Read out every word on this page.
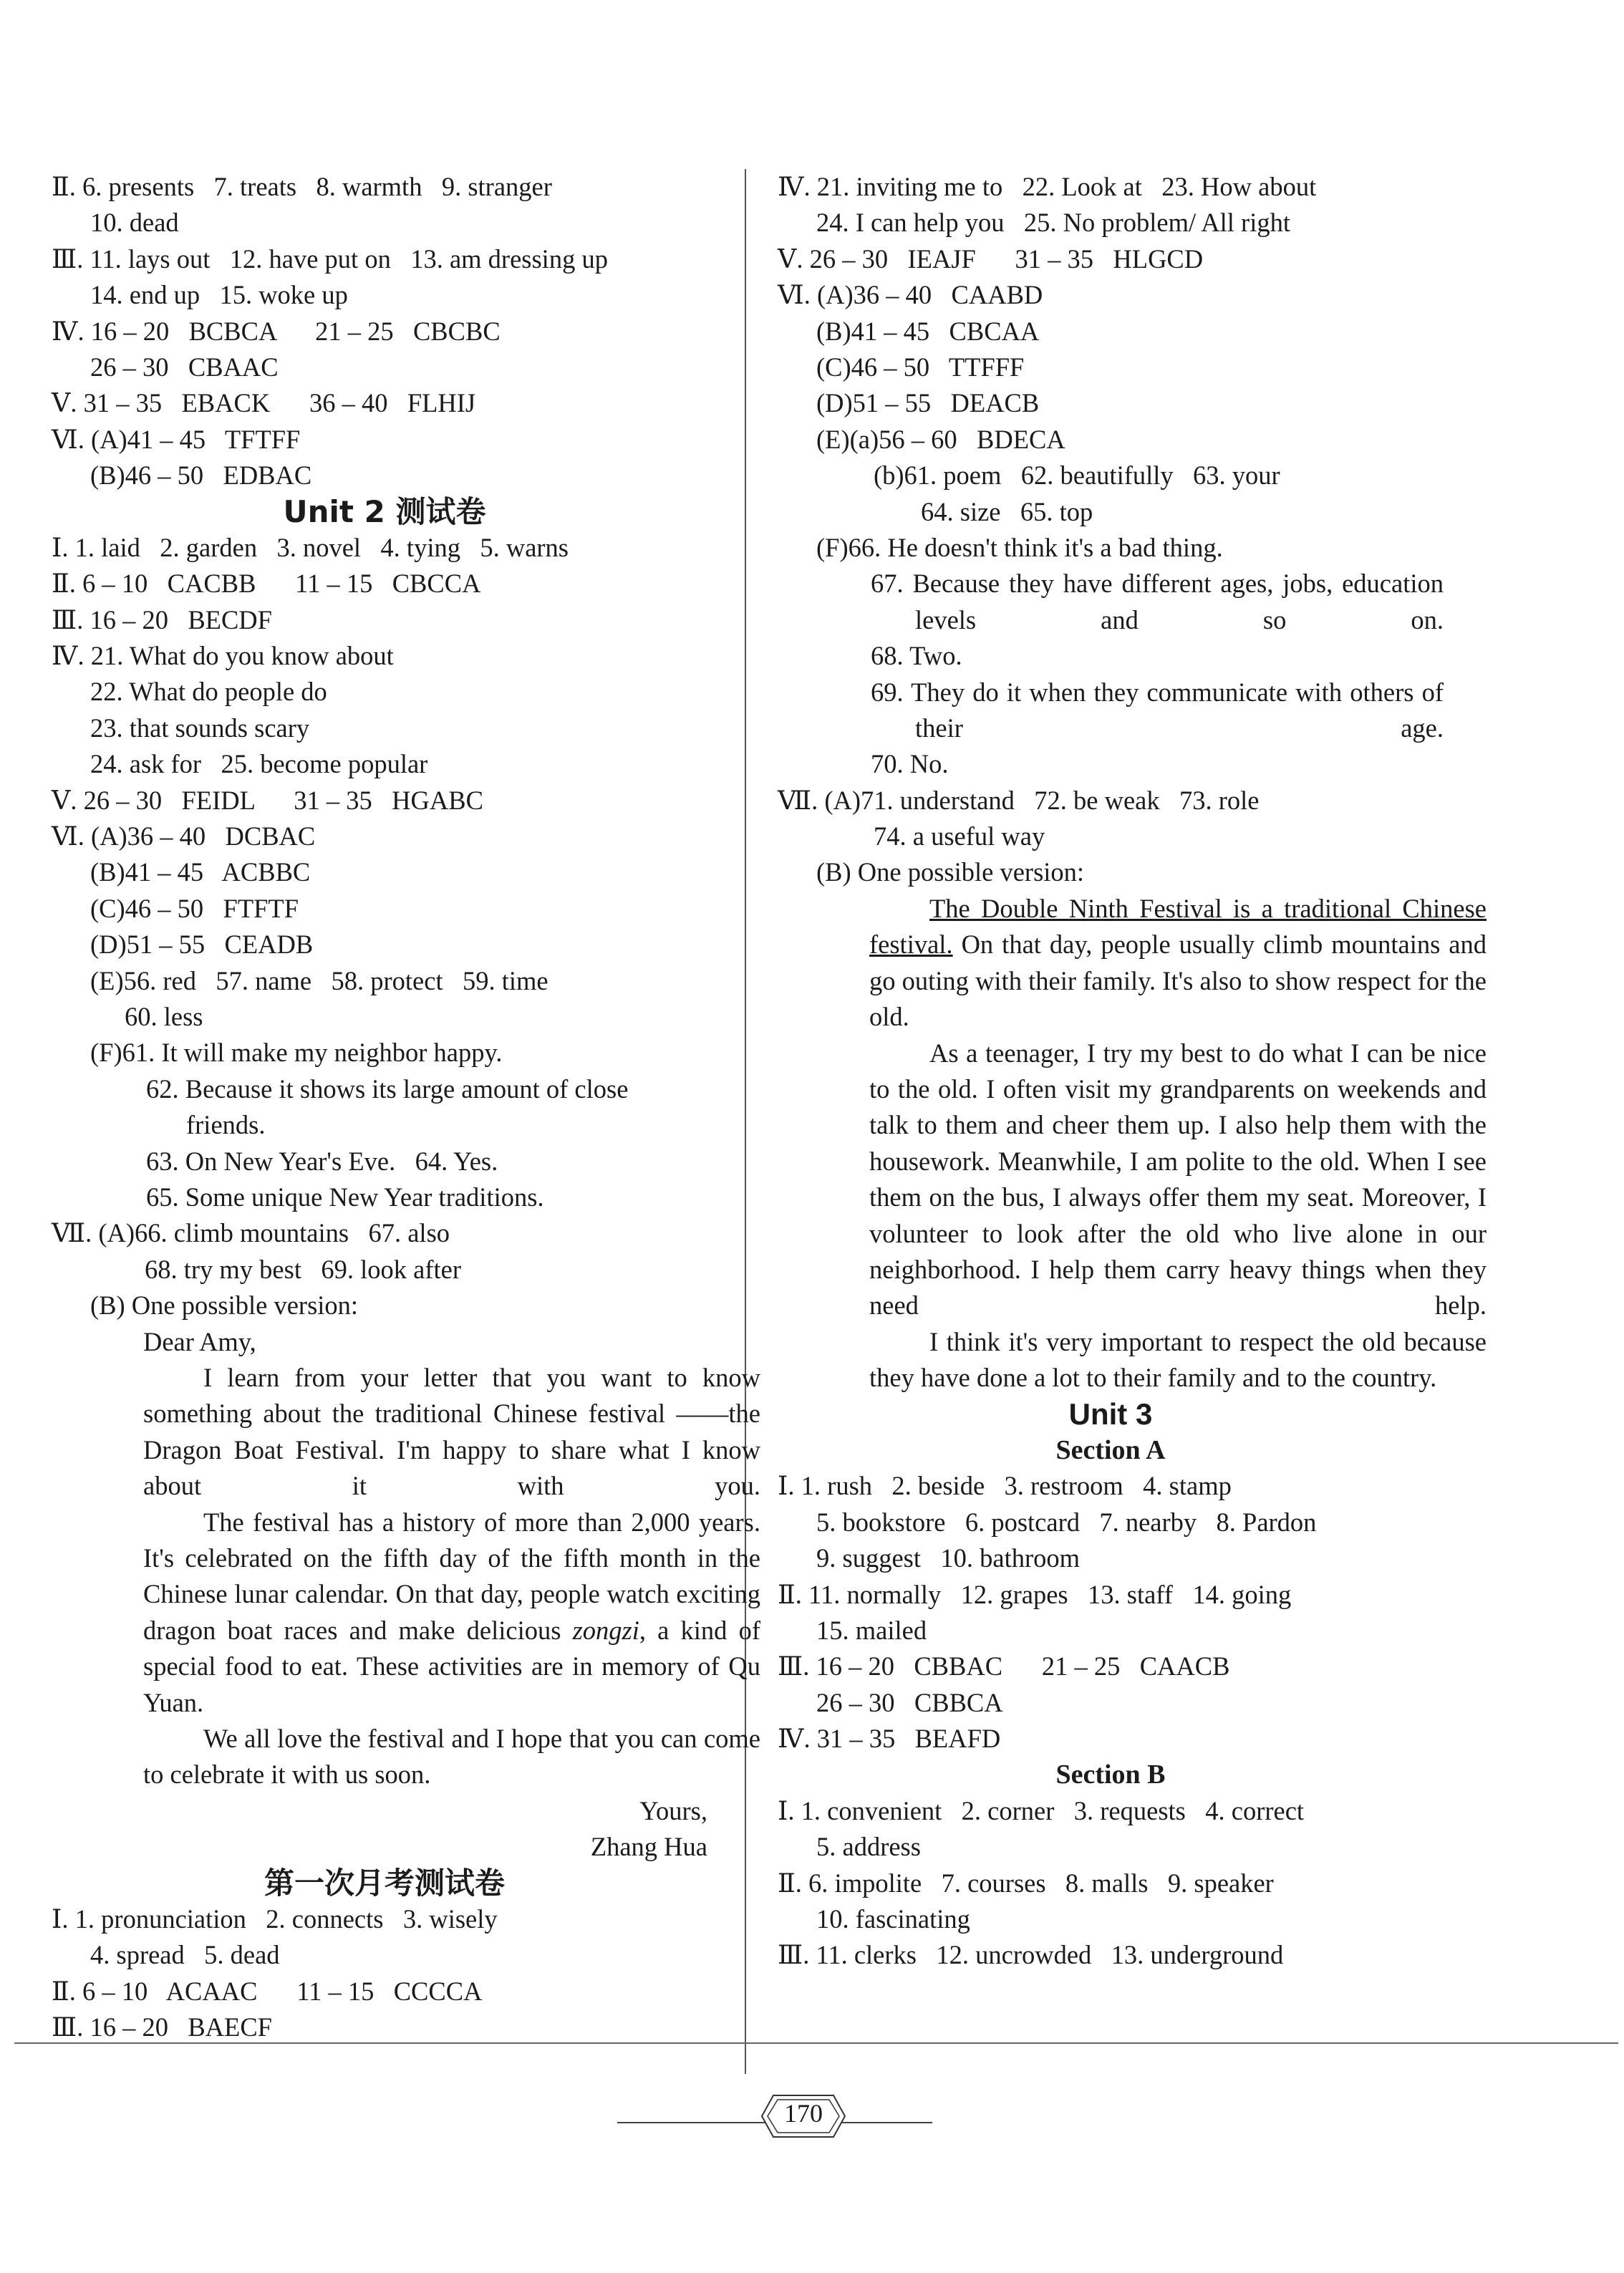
Ⅱ. 6. presents   7. treats   8. warmth   9. stranger
10. dead
Ⅲ. 11. lays out   12. have put on   13. am dressing up
14. end up   15. woke up
Ⅳ. 16 – 20   BCBCA      21 – 25   CBCBC
26 – 30   CBAAC
Ⅴ. 31 – 35   EBACK      36 – 40   FLHIJ
Ⅵ. (A)41 – 45   TFTFF
(B)46 – 50   EDBAC
Unit 2 测试卷
Ⅰ. 1. laid   2. garden   3. novel   4. tying   5. warns
Ⅱ. 6 – 10   CACBB      11 – 15   CBCCA
Ⅲ. 16 – 20   BECDF
Ⅳ. 21. What do you know about
22. What do people do
23. that sounds scary
24. ask for   25. become popular
Ⅴ. 26 – 30   FEIDL      31 – 35   HGABC
Ⅵ. (A)36 – 40   DCBAC
(B)41 – 45   ACBBC
(C)46 – 50   FTFTF
(D)51 – 55   CEADB
(E)56. red   57. name   58. protect   59. time
60. less
(F)61. It will make my neighbor happy.
62. Because it shows its large amount of close
friends.
63. On New Year's Eve.   64. Yes.
65. Some unique New Year traditions.
Ⅶ. (A)66. climb mountains   67. also
68. try my best   69. look after
(B) One possible version:
Dear Amy,
I learn from your letter that you want to know something about the traditional Chinese festival ——the Dragon Boat Festival. I'm happy to share what I know about it with you.
The festival has a history of more than 2,000 years. It's celebrated on the fifth day of the fifth month in the Chinese lunar calendar. On that day, people watch exciting dragon boat races and make delicious zongzi, a kind of special food to eat. These activities are in memory of Qu Yuan.
We all love the festival and I hope that you can come to celebrate it with us soon.
Yours,
Zhang Hua
第一次月考测试卷
Ⅰ. 1. pronunciation   2. connects   3. wisely
4. spread   5. dead
Ⅱ. 6 – 10   ACAAC      11 – 15   CCCCA
Ⅲ. 16 – 20   BAECF
Ⅳ. 21. inviting me to   22. Look at   23. How about
24. I can help you   25. No problem/ All right
Ⅴ. 26 – 30   IEAJF      31 – 35   HLGCD
Ⅵ. (A)36 – 40   CAABD
(B)41 – 45   CBCAA
(C)46 – 50   TTFFF
(D)51 – 55   DEACB
(E)(a)56 – 60   BDECA
(b)61. poem   62. beautifully   63. your
64. size   65. top
(F)66. He doesn't think it's a bad thing.
67. Because they have different ages, jobs, education levels and so on.
68. Two.
69. They do it when they communicate with others of their age.
70. No.
Ⅶ. (A)71. understand   72. be weak   73. role
74. a useful way
(B) One possible version:
The Double Ninth Festival is a traditional Chinese festival. On that day, people usually climb mountains and go outing with their family. It's also to show respect for the old.
As a teenager, I try my best to do what I can be nice to the old. I often visit my grandparents on weekends and talk to them and cheer them up. I also help them with the housework. Meanwhile, I am polite to the old. When I see them on the bus, I always offer them my seat. Moreover, I volunteer to look after the old who live alone in our neighborhood. I help them carry heavy things when they need help.
I think it's very important to respect the old because they have done a lot to their family and to the country.
Unit 3
Section A
Ⅰ. 1. rush   2. beside   3. restroom   4. stamp
5. bookstore   6. postcard   7. nearby   8. Pardon
9. suggest   10. bathroom
Ⅱ. 11. normally   12. grapes   13. staff   14. going
15. mailed
Ⅲ. 16 – 20   CBBAC      21 – 25   CAACB
26 – 30   CBBCA
Ⅳ. 31 – 35   BEAFD
Section B
Ⅰ. 1. convenient   2. corner   3. requests   4. correct
5. address
Ⅱ. 6. impolite   7. courses   8. malls   9. speaker
10. fascinating
Ⅲ. 11. clerks   12. uncrowded   13. underground
170
